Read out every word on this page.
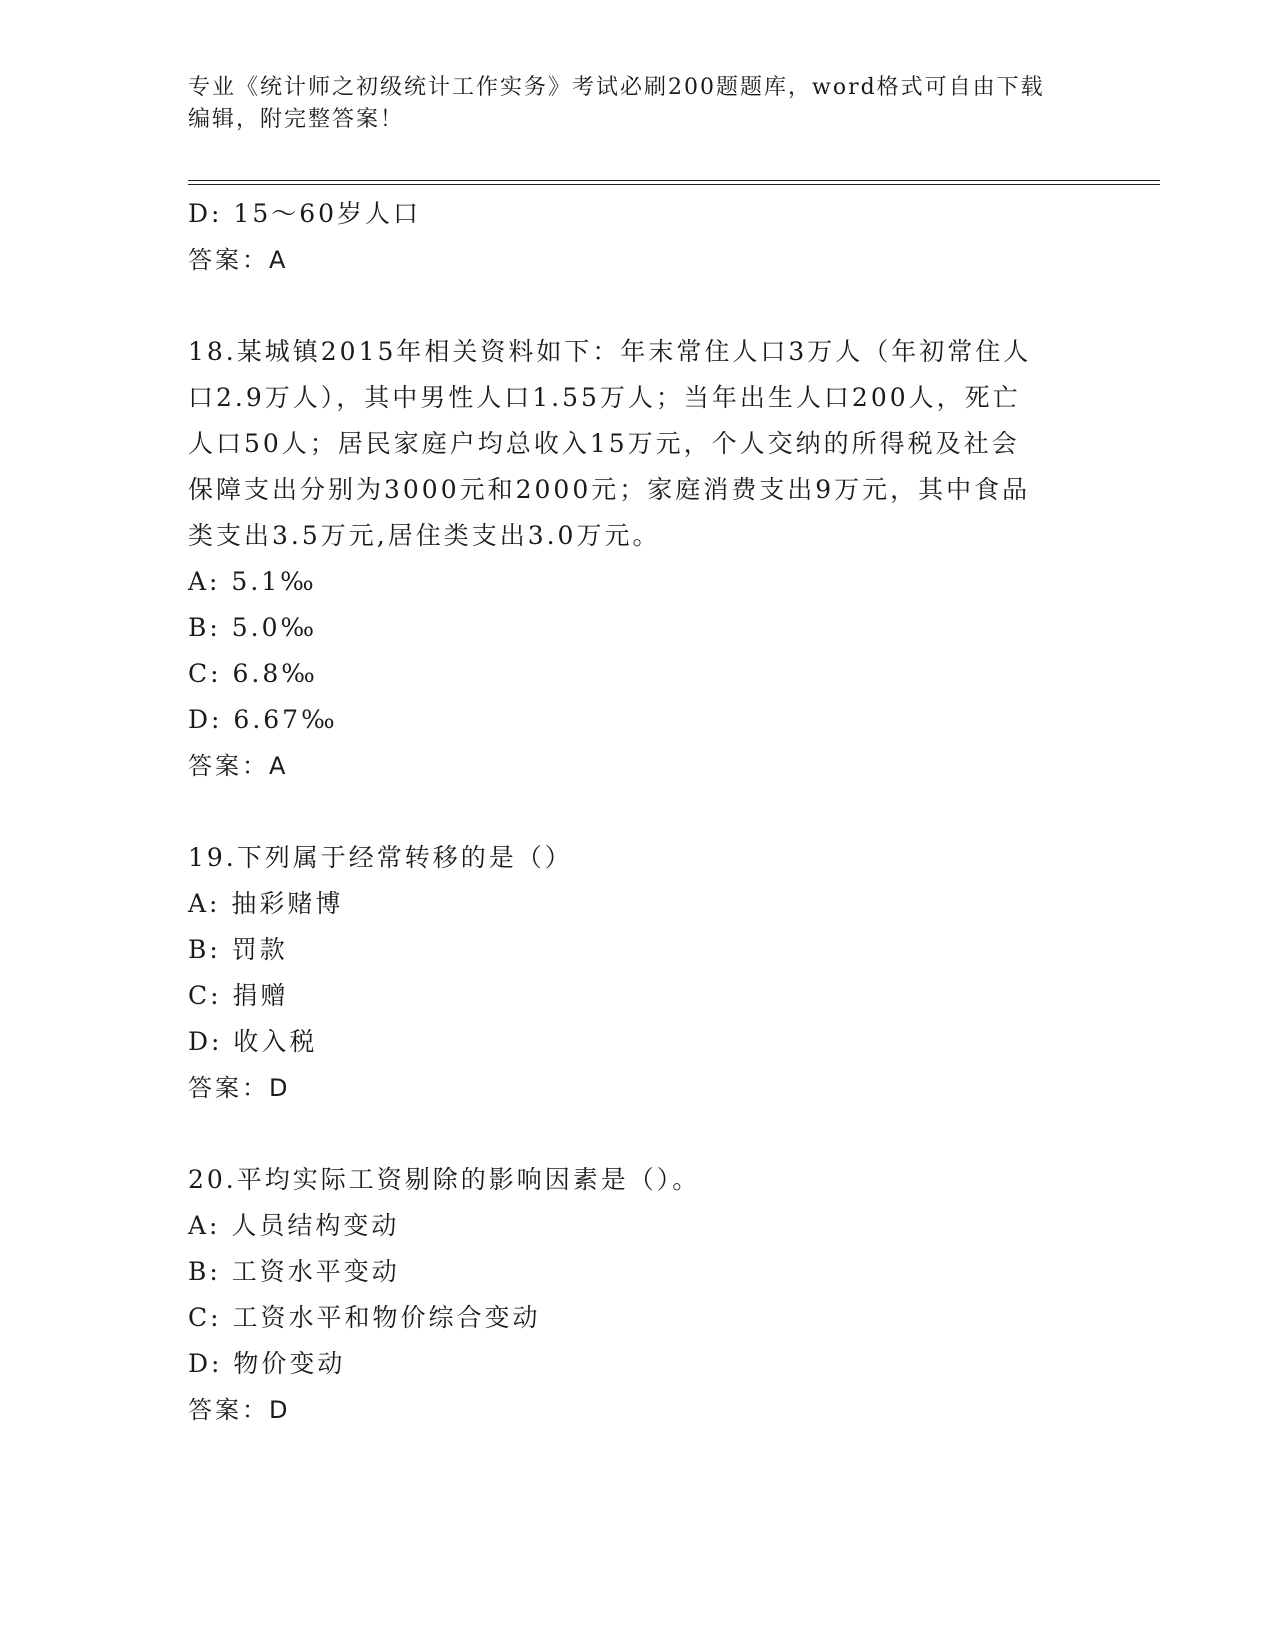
专业《统计师之初级统计工作实务》考试必刷200题题库，word格式可自由下载
编辑，附完整答案！
D: 15～60岁人口
答案：A
18.某城镇2015年相关资料如下：年末常住人口3万人（年初常住人
口2.9万人），其中男性人口1.55万人；当年出生人口200人，死亡
人口50人；居民家庭户均总收入15万元，个人交纳的所得税及社会
保障支出分别为3000元和2000元；家庭消费支出9万元，其中食品
类支出3.5万元,居住类支出3.0万元。
A: 5.1‰
B: 5.0‰
C: 6.8‰
D: 6.67‰
答案：A
19.下列属于经常转移的是（）
A: 抽彩赌博
B: 罚款
C: 捐赠
D: 收入税
答案：D
20.平均实际工资剔除的影响因素是（）。
A: 人员结构变动
B: 工资水平变动
C: 工资水平和物价综合变动
D: 物价变动
答案：D
